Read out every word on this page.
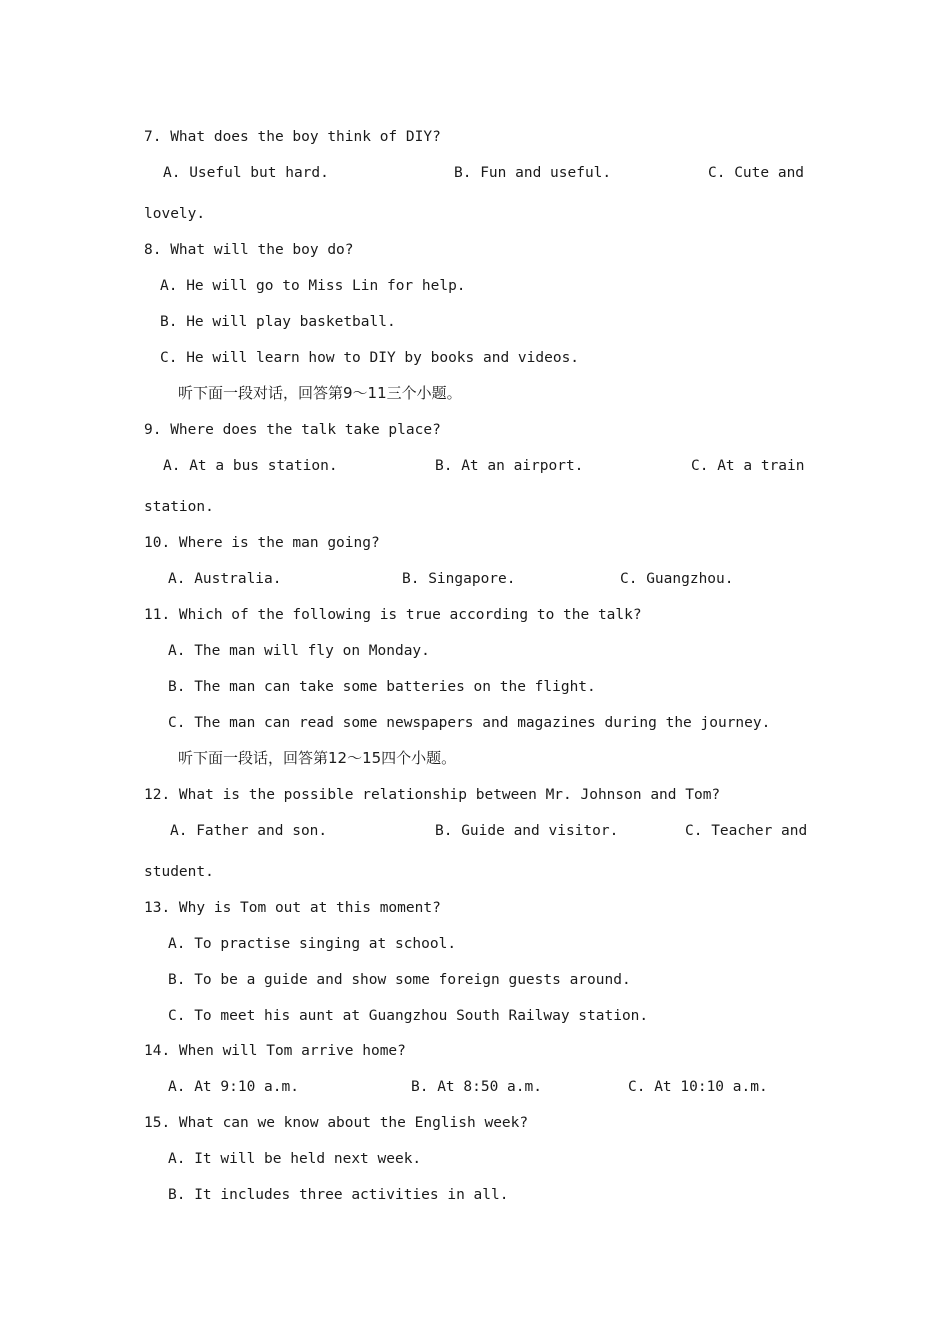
7. What does the boy think of DIY?
A. Useful but hard.	B. Fun and useful.	C. Cute and
lovely.
8. What will the boy do?
A. He will go to Miss Lin for help.
B. He will play basketball.
C. He will learn how to DIY by books and videos.
听下面一段对话，回答第9～11三个小题。
9. Where does the talk take place?
A. At a bus station.	B. At an airport.	C. At a train
station.
10. Where is the man going?
A. Australia.	B. Singapore.	C. Guangzhou.
11. Which of the following is true according to the talk?
A. The man will fly on Monday.
B. The man can take some batteries on the flight.
C. The man can read some newspapers and magazines during the journey.
听下面一段话，回答第12～15四个小题。
12. What is the possible relationship between Mr. Johnson and Tom?
A. Father and son.	B. Guide and visitor.	C. Teacher and
student.
13. Why is Tom out at this moment?
A. To practise singing at school.
B. To be a guide and show some foreign guests around.
C. To meet his aunt at Guangzhou South Railway station.
14. When will Tom arrive home?
A. At 9:10 a.m.	B. At 8:50 a.m.	C. At 10:10 a.m.
15. What can we know about the English week?
A. It will be held next week.
B. It includes three activities in all.
